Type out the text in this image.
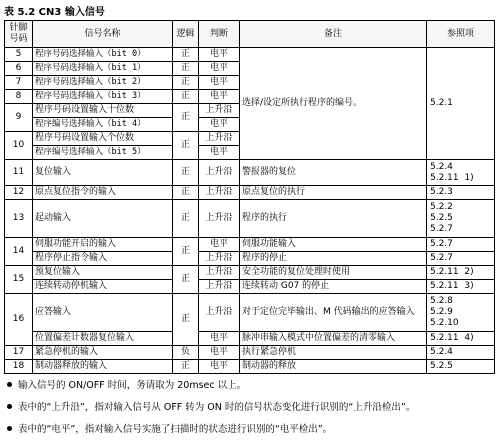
表 5.2 CN3 输入信号
针脚
号码	信号名称	逻辑	判断	备注	参照项
5	程序号码选择输入（bit 0）	正	电平	选择/设定所执行程序的编号。	5.2.1
6	程序号码选择输入（bit 1）	正	电平		
7	程序号码选择输入（bit 2）	正	电平		
8	程序号码选择输入（bit 3）	正	电平		
9	程序号码设置输入十位数	正	上升沿		
	程序编号选择输入（bit 4）		电平		
10	程序号码设置输入个位数	正	上升沿		
	程序编号选择输入（bit 5）		电平		
11	复位输入	正	上升沿	警报器的复位	5.2.4
5.2.11  1)
12	原点复位指令的输入	正	上升沿	原点复位的执行	5.2.3
13	起动输入	正	上升沿	程序的执行	5.2.2
5.2.5
5.2.7
14	伺服功能开启的输入	正	电平	伺服功能输入	5.2.7
	程序停止指令输入		上升沿	程序的停止	5.2.7
15	预复位输入	正	上升沿	安全功能的复位处理时使用	5.2.11  2)
	连续转动停机输入		上升沿	连续转动 G07 的停止	5.2.11  3)
16	应答输入	正	上升沿	对于定位完毕输出、M 代码输出的应答输入	5.2.8
5.2.9
5.2.10
	位置偏差计数器复位输入		电平	脉冲串输入模式中位置偏差的清零输入	5.2.11  4)
17	紧急停机的输入	负	电平	执行紧急停机	5.2.4
18	制动器释放的输入	正	电平	制动器的释放	5.2.5
输入信号的 ON/OFF 时间，务请取为 20msec 以上。
表中的“上升沿”，指对输入信号从 OFF 转为 ON 时的信号状态变化进行识别的“上升沿检出”。
表中的“电平”，指对输入信号实施了扫描时的状态进行识别的“电平检出”。
